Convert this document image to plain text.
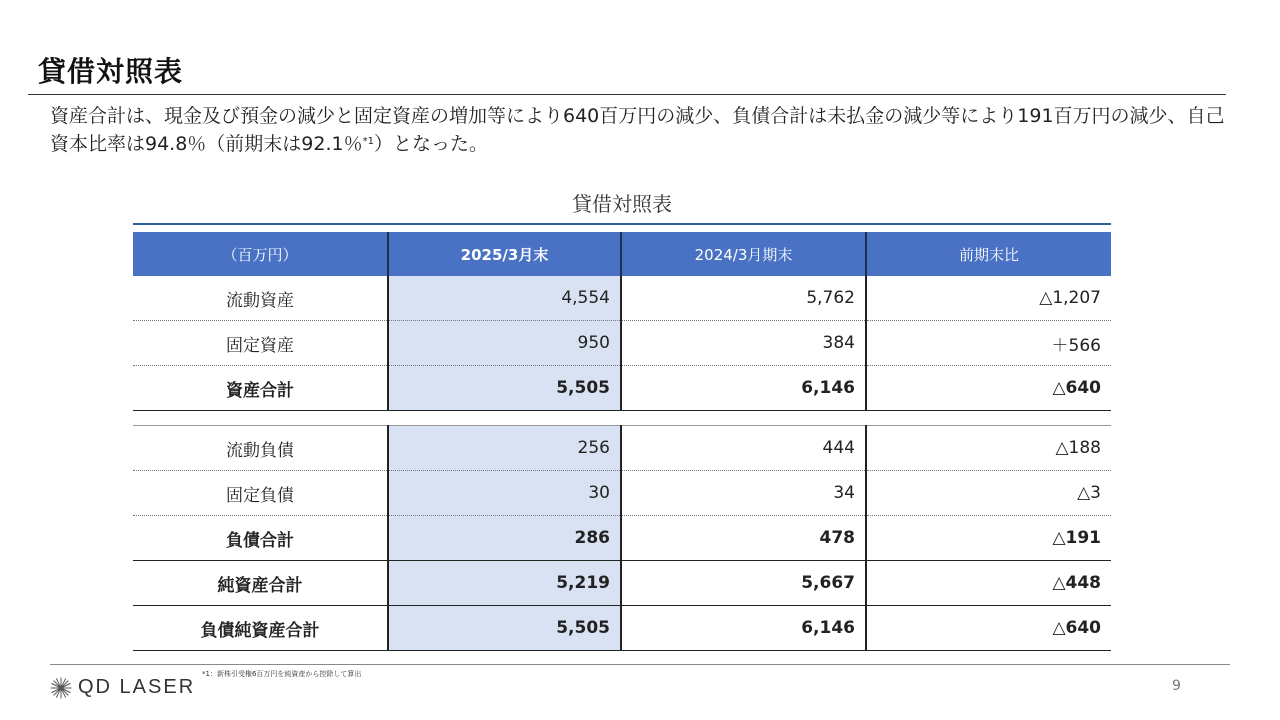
貸借対照表
資産合計は、現金及び預金の減少と固定資産の増加等により640百万円の減少、負債合計は未払金の減少等により191百万円の減少、自己資本比率は94.8％（前期末は92.1％$^{*1}$）となった。
貸借対照表
（百万円）	2025/3月末	2024/3月期末	前期末比
流動資産	4,554	5,762	△1,207
固定資産	950	384	＋566
資産合計	5,505	6,146	△640

流動負債	256	444	△188
固定負債	30	34	△3
負債合計	286	478	△191
純資産合計	5,219	5,667	△448
負債純資産合計	5,505	6,146	△640
QD LASER
*1：新株引受権6百万円を純資産から控除して算出
9
